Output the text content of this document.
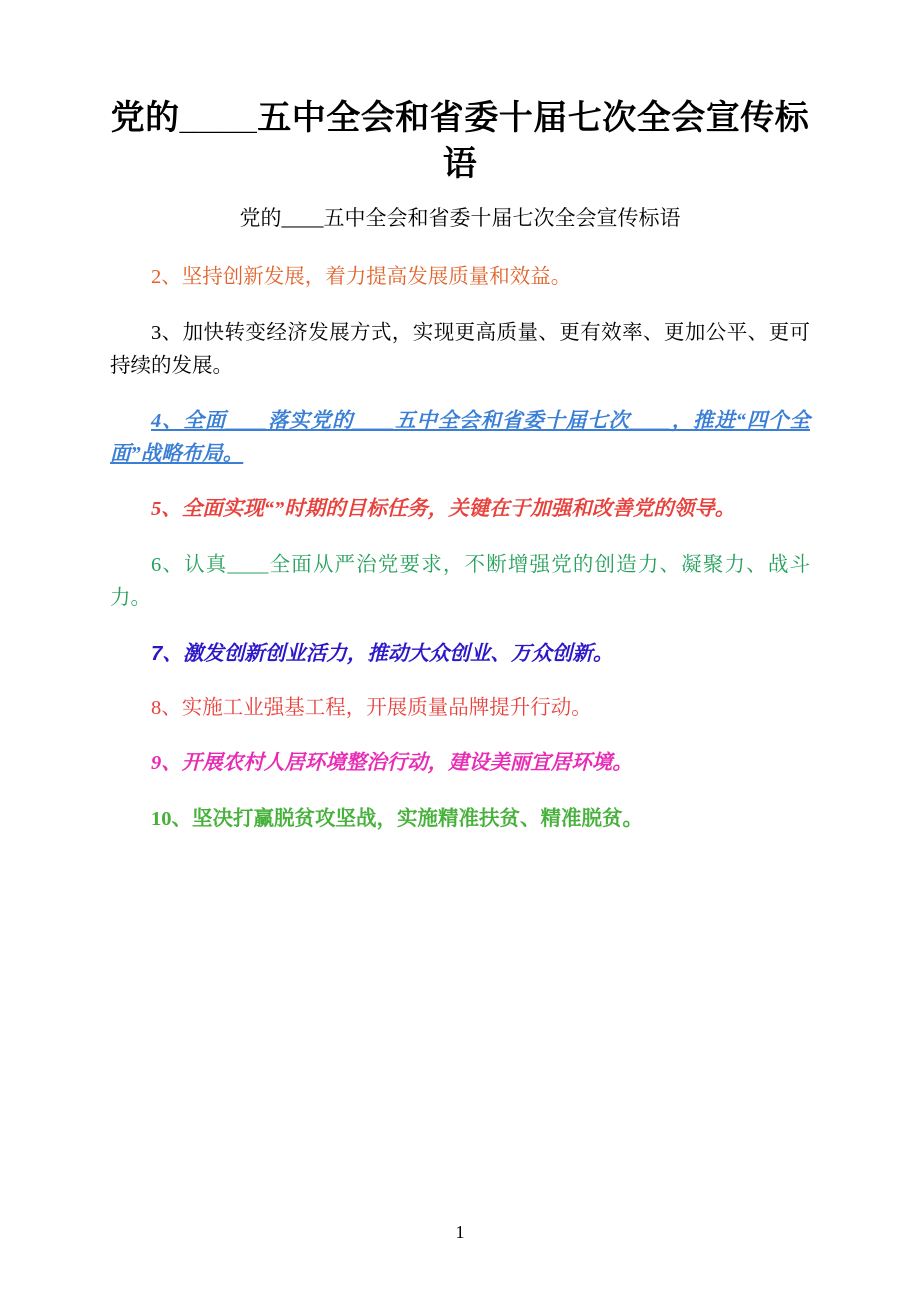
党的____五中全会和省委十届七次全会宣传标语

党的____五中全会和省委十届七次全会宣传标语

2、坚持创新发展，着力提高发展质量和效益。

3、加快转变经济发展方式，实现更高质量、更有效率、更加公平、更可持续的发展。

4、全面____落实党的____五中全会和省委十届七次____，推进“四个全面”战略布局。

5、全面实现“”时期的目标任务，关键在于加强和改善党的领导。

6、认真____全面从严治党要求，不断增强党的创造力、凝聚力、战斗力。

7、激发创新创业活力，推动大众创业、万众创新。

8、实施工业强基工程，开展质量品牌提升行动。

9、开展农村人居环境整治行动，建设美丽宜居环境。

10、坚决打赢脱贫攻坚战，实施精准扶贫、精准脱贫。

1
